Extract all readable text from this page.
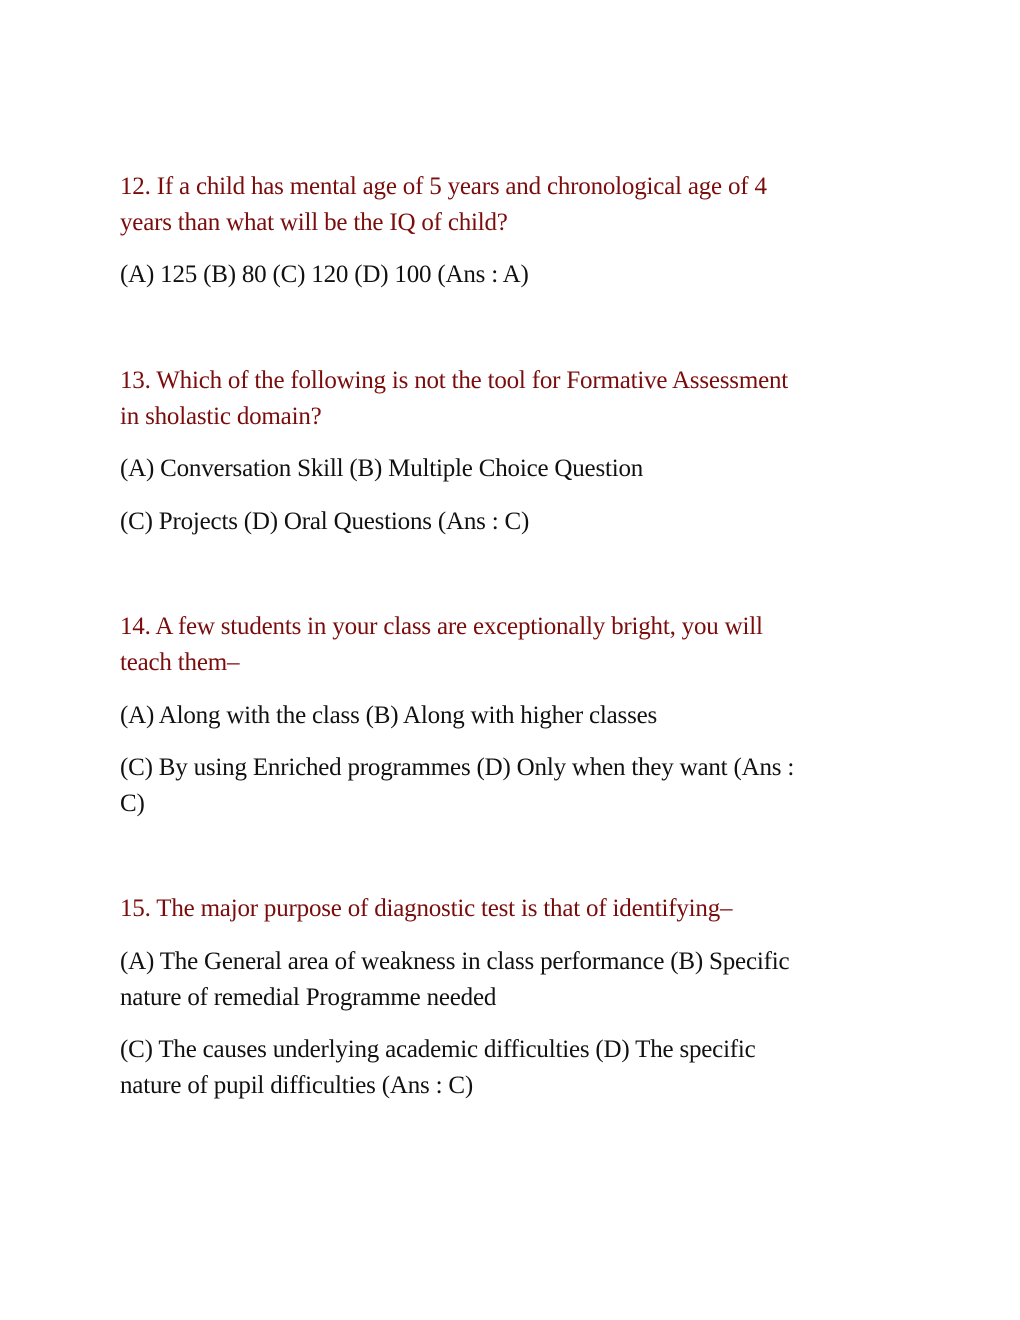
12. If a child has mental age of 5 years and chronological age of 4
years than what will be the IQ of child?
(A) 125 (B) 80 (C) 120 (D) 100 (Ans : A)
13. Which of the following is not the tool for Formative Assessment
in sholastic domain?
(A) Conversation Skill (B) Multiple Choice Question
(C) Projects (D) Oral Questions (Ans : C)
14. A few students in your class are exceptionally bright, you will
teach them–
(A) Along with the class (B) Along with higher classes
(C) By using Enriched programmes (D) Only when they want (Ans :
C)
15. The major purpose of diagnostic test is that of identifying–
(A) The General area of weakness in class performance (B) Specific
nature of remedial Programme needed
(C) The causes underlying academic difficulties (D) The specific
nature of pupil difficulties (Ans : C)
